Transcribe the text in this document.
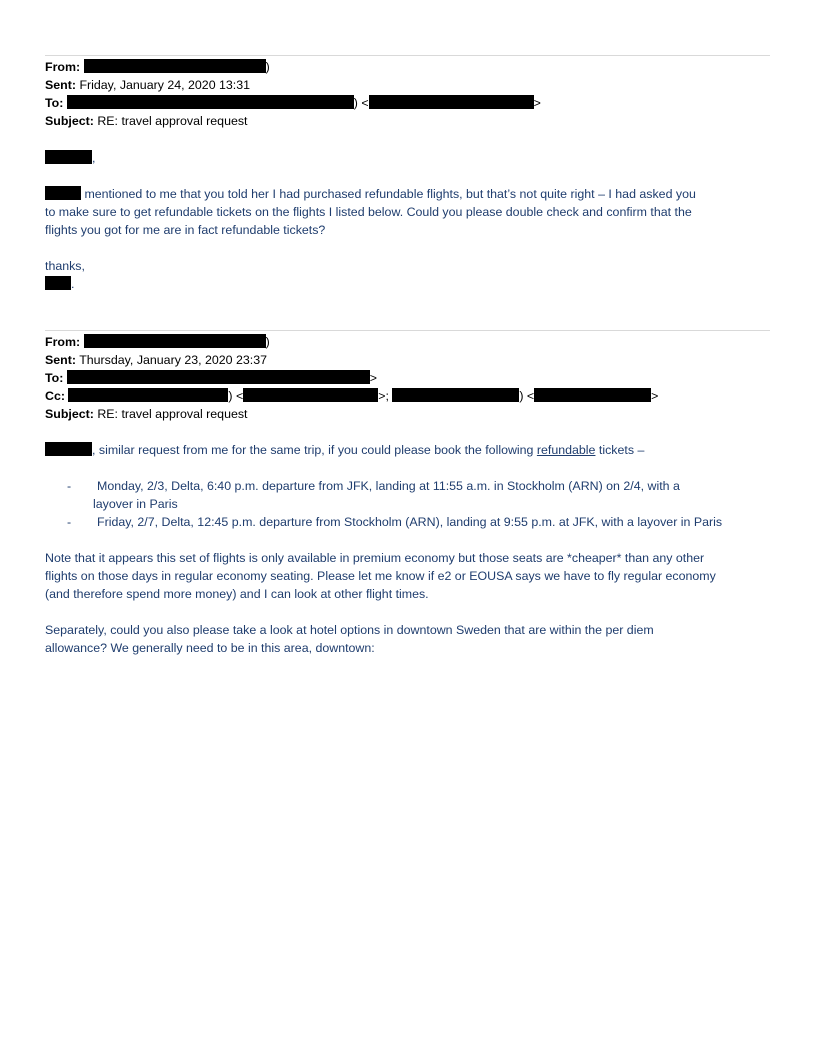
From:	)
Sent: Friday, January 24, 2020 13:31
To:	) <	>
Subject: RE: travel approval request
,
mentioned to me that you told her I had purchased refundable flights, but that’s not quite right – I had asked you
to make sure to get refundable tickets on the flights I listed below. Could you please double check and confirm that the
flights you got for me are in fact refundable tickets?
thanks,
.
From:	)
Sent: Thursday, January 23, 2020 23:37
To:	>
Cc:	) <	>;	) <	>
Subject: RE: travel approval request
, similar request from me for the same trip, if you could please book the following refundable tickets –
- Monday, 2/3, Delta, 6:40 p.m. departure from JFK, landing at 11:55 a.m. in Stockholm (ARN) on 2/4, with a
layover in Paris
- Friday, 2/7, Delta, 12:45 p.m. departure from Stockholm (ARN), landing at 9:55 p.m. at JFK, with a layover in Paris
Note that it appears this set of flights is only available in premium economy but those seats are *cheaper* than any other
flights on those days in regular economy seating. Please let me know if e2 or EOUSA says we have to fly regular economy
(and therefore spend more money) and I can look at other flight times.
Separately, could you also please take a look at hotel options in downtown Sweden that are within the per diem
allowance? We generally need to be in this area, downtown:
